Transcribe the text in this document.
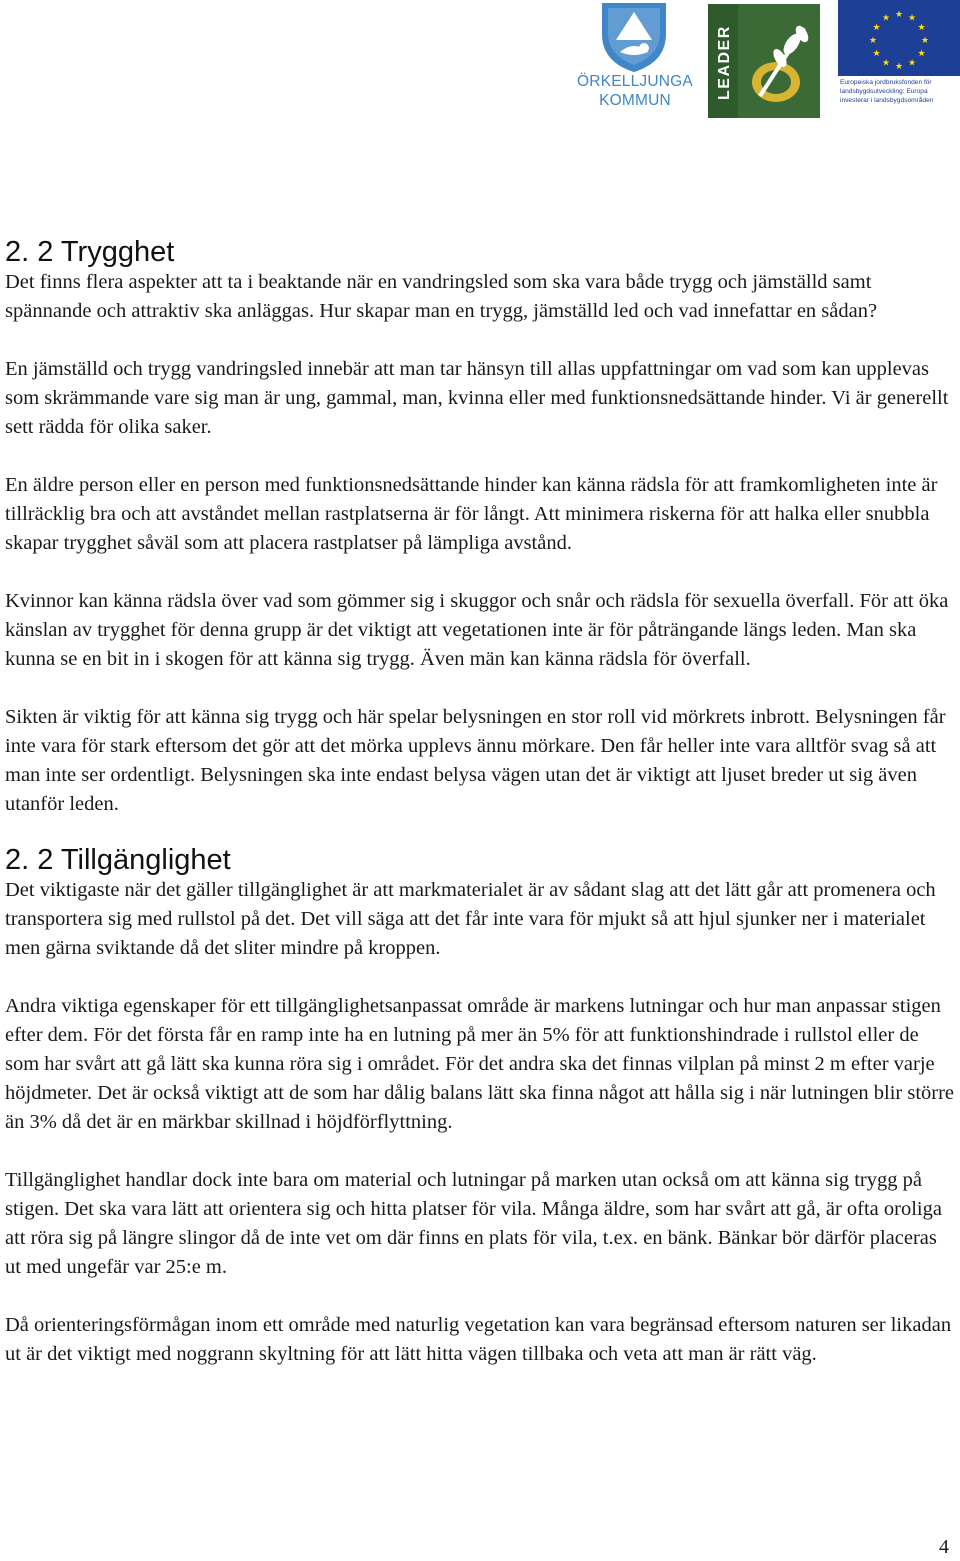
ÖRKELLJUNGA
KOMMUN
LEADER
★ ★
★
★
★
★
★
★
★
★
★
★
Europeiska jordbruksfonden för landsbygdsutveckling: Europa investerar i landsbygdsområden
2. 2 Trygghet

Det finns flera aspekter att ta i beaktande när en vandringsled som ska vara både trygg och jämställd samt spännande och attraktiv ska anläggas. Hur skapar man en trygg, jämställd led och vad innefattar en sådan?

En jämställd och trygg vandringsled innebär att man tar hänsyn till allas uppfattningar om vad som kan upplevas som skrämmande vare sig man är ung, gammal, man, kvinna eller med funktionsnedsättande hinder. Vi är generellt sett rädda för olika saker.

En äldre person eller en person med funktionsnedsättande hinder kan känna rädsla för att framkomligheten inte är tillräcklig bra och att avståndet mellan rastplatserna är för långt. Att minimera riskerna för att halka eller snubbla skapar trygghet såväl som att placera rastplatser på lämpliga avstånd.

Kvinnor kan känna rädsla över vad som gömmer sig i skuggor och snår och rädsla för sexuella överfall. För att öka känslan av trygghet för denna grupp är det viktigt att vegetationen inte är för påträngande längs leden. Man ska kunna se en bit in i skogen för att känna sig trygg. Även män kan känna rädsla för överfall.

Sikten är viktig för att känna sig trygg och här spelar belysningen en stor roll vid mörkrets inbrott. Belysningen får inte vara för stark eftersom det gör att det mörka upplevs ännu mörkare. Den får heller inte vara alltför svag så att man inte ser ordentligt. Belysningen ska inte endast belysa vägen utan det är viktigt att ljuset breder ut sig även utanför leden.

2. 2 Tillgänglighet

Det viktigaste när det gäller tillgänglighet är att markmaterialet är av sådant slag att det lätt går att promenera och transportera sig med rullstol på det. Det vill säga att det får inte vara för mjukt så att hjul sjunker ner i materialet men gärna sviktande då det sliter mindre på kroppen.

Andra viktiga egenskaper för ett tillgänglighetsanpassat område är markens lutningar och hur man anpassar stigen efter dem. För det första får en ramp inte ha en lutning på mer än 5% för att funktionshindrade i rullstol eller de som har svårt att gå lätt ska kunna röra sig i området. För det andra ska det finnas vilplan på minst 2 m efter varje höjdmeter. Det är också viktigt att de som har dålig balans lätt ska finna något att hålla sig i när lutningen blir större än 3% då det är en märkbar skillnad i höjdförflyttning.

Tillgänglighet handlar dock inte bara om material och lutningar på marken utan också om att känna sig trygg på stigen. Det ska vara lätt att orientera sig och hitta platser för vila. Många äldre, som har svårt att gå, är ofta oroliga att röra sig på längre slingor då de inte vet om där finns en plats för vila, t.ex. en bänk. Bänkar bör därför placeras ut med ungefär var 25:e m.

Då orienteringsförmågan inom ett område med naturlig vegetation kan vara begränsad eftersom naturen ser likadan ut är det viktigt med noggrann skyltning för att lätt hitta vägen tillbaka och veta att man är rätt väg.

4
